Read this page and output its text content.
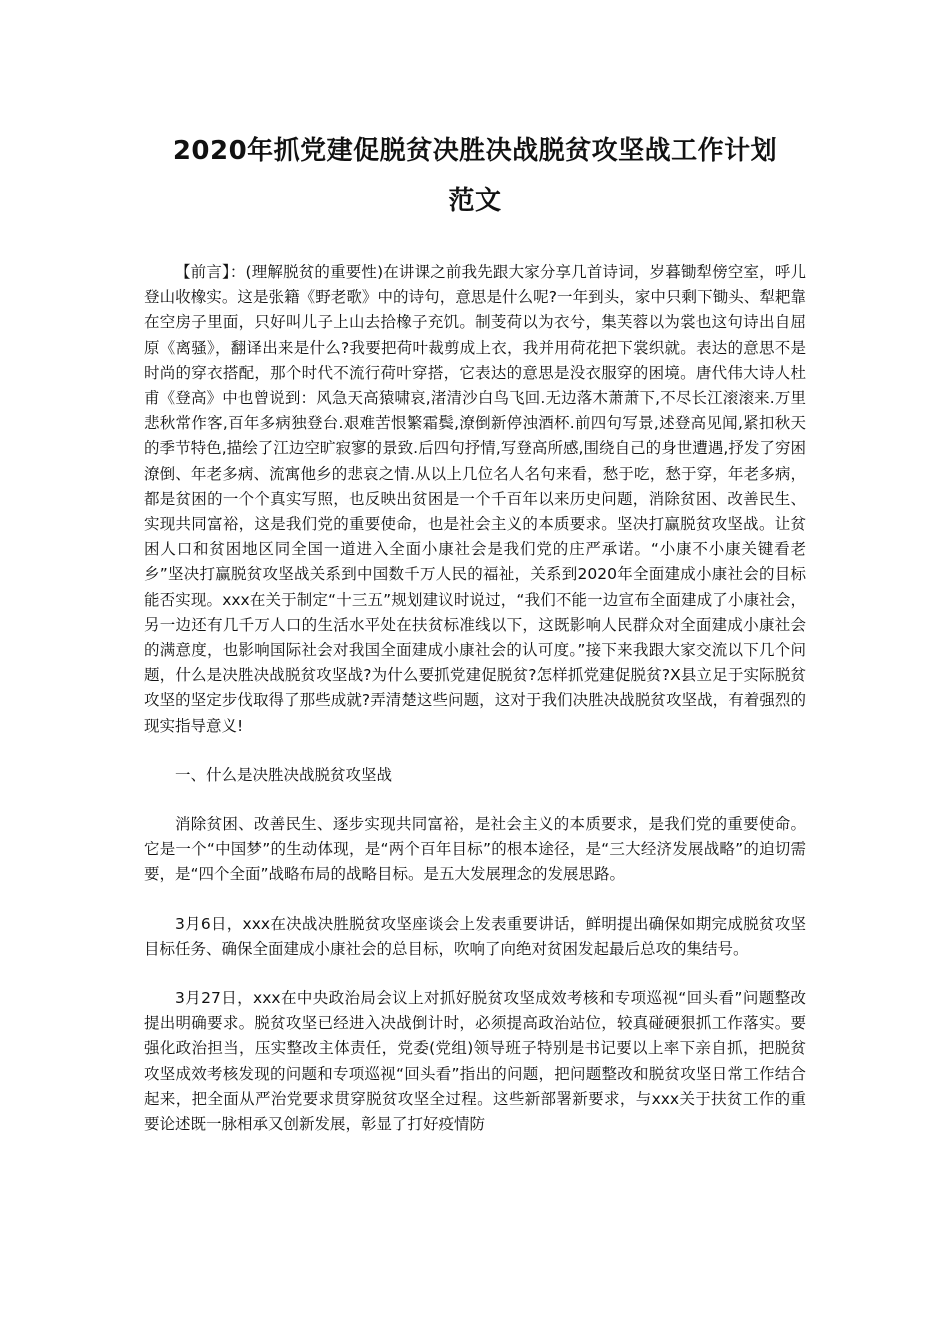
2020年抓党建促脱贫决胜决战脱贫攻坚战工作计划
范文

【前言】：(理解脱贫的重要性)在讲课之前我先跟大家分享几首诗词，岁暮锄犁傍空室，呼儿登山收橡实。这是张籍《野老歌》中的诗句，意思是什么呢?一年到头，家中只剩下锄头、犁耙靠在空房子里面，只好叫儿子上山去拾橡子充饥。制芰荷以为衣兮，集芙蓉以为裳也这句诗出自屈原《离骚》，翻译出来是什么?我要把荷叶裁剪成上衣，我并用荷花把下裳织就。表达的意思不是时尚的穿衣搭配，那个时代不流行荷叶穿搭，它表达的意思是没衣服穿的困境。唐代伟大诗人杜甫《登高》中也曾说到：风急天高猿啸哀,渚清沙白鸟飞回.无边落木萧萧下,不尽长江滚滚来.万里悲秋常作客,百年多病独登台.艰难苦恨繁霜鬓,潦倒新停浊酒杯.前四句写景,述登高见闻,紧扣秋天的季节特色,描绘了江边空旷寂寥的景致.后四句抒情,写登高所感,围绕自己的身世遭遇,抒发了穷困潦倒、年老多病、流寓他乡的悲哀之情.从以上几位名人名句来看，愁于吃，愁于穿，年老多病，都是贫困的一个个真实写照，也反映出贫困是一个千百年以来历史问题，消除贫困、改善民生、实现共同富裕，这是我们党的重要使命，也是社会主义的本质要求。坚决打赢脱贫攻坚战。让贫困人口和贫困地区同全国一道进入全面小康社会是我们党的庄严承诺。“小康不小康关键看老乡”坚决打赢脱贫攻坚战关系到中国数千万人民的福祉，关系到2020年全面建成小康社会的目标能否实现。xxx在关于制定“十三五”规划建议时说过，“我们不能一边宣布全面建成了小康社会，另一边还有几千万人口的生活水平处在扶贫标准线以下，这既影响人民群众对全面建成小康社会的满意度，也影响国际社会对我国全面建成小康社会的认可度。”接下来我跟大家交流以下几个问题，什么是决胜决战脱贫攻坚战?为什么要抓党建促脱贫?怎样抓党建促脱贫?X县立足于实际脱贫攻坚的坚定步伐取得了那些成就?弄清楚这些问题，这对于我们决胜决战脱贫攻坚战，有着强烈的现实指导意义!

一、什么是决胜决战脱贫攻坚战

消除贫困、改善民生、逐步实现共同富裕，是社会主义的本质要求，是我们党的重要使命。它是一个“中国梦”的生动体现，是“两个百年目标”的根本途径，是“三大经济发展战略”的迫切需要，是“四个全面”战略布局的战略目标。是五大发展理念的发展思路。

3月6日，xxx在决战决胜脱贫攻坚座谈会上发表重要讲话，鲜明提出确保如期完成脱贫攻坚目标任务、确保全面建成小康社会的总目标，吹响了向绝对贫困发起最后总攻的集结号。

3月27日，xxx在中央政治局会议上对抓好脱贫攻坚成效考核和专项巡视“回头看”问题整改提出明确要求。脱贫攻坚已经进入决战倒计时，必须提高政治站位，较真碰硬狠抓工作落实。要强化政治担当，压实整改主体责任，党委(党组)领导班子特别是书记要以上率下亲自抓，把脱贫攻坚成效考核发现的问题和专项巡视“回头看”指出的问题，把问题整改和脱贫攻坚日常工作结合起来，把全面从严治党要求贯穿脱贫攻坚全过程。这些新部署新要求，与xxx关于扶贫工作的重要论述既一脉相承又创新发展，彰显了打好疫情防
